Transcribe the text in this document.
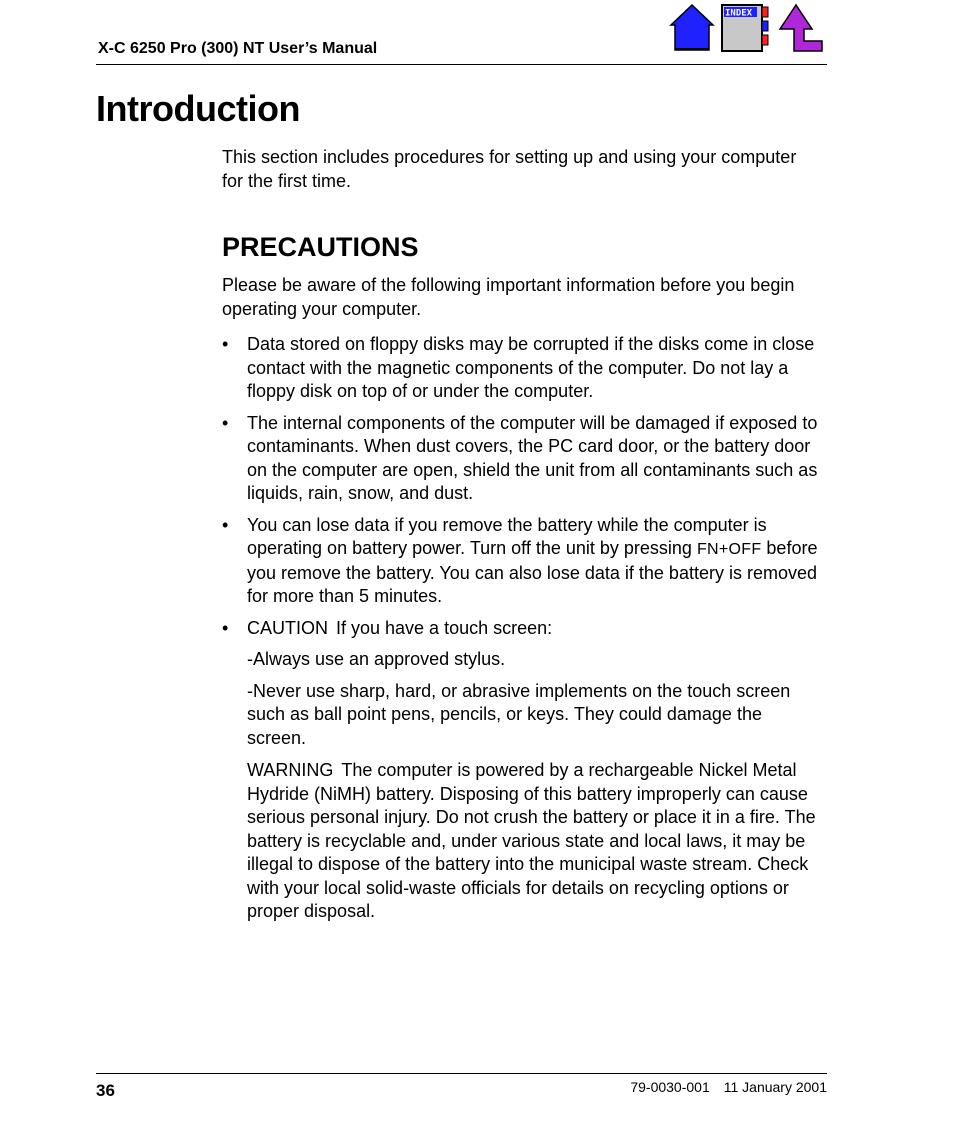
X-C 6250 Pro (300) NT User’s Manual
INDEX
Introduction

This section includes procedures for setting up and using your computer for the first time.

PRECAUTIONS

Please be aware of the following important information before you begin operating your computer.

• Data stored on floppy disks may be corrupted if the disks come in close contact with the magnetic components of the computer. Do not lay a floppy disk on top of or under the computer.
• The internal components of the computer will be damaged if exposed to contaminants. When dust covers, the PC card door, or the battery door on the computer are open, shield the unit from all contaminants such as liquids, rain, snow, and dust.
• You can lose data if you remove the battery while the computer is operating on battery power. Turn off the unit by pressing FN+OFF before you remove the battery. You can also lose data if the battery is removed for more than 5 minutes.
• CAUTION If you have a touch screen:

-Always use an approved stylus.

-Never use sharp, hard, or abrasive implements on the touch screen such as ball point pens, pencils, or keys. They could damage the screen.

WARNING The computer is powered by a rechargeable Nickel Metal Hydride (NiMH) battery. Disposing of this battery improperly can cause serious personal injury. Do not crush the battery or place it in a fire. The battery is recyclable and, under various state and local laws, it may be illegal to dispose of the battery into the municipal waste stream. Check with your local solid-waste officials for details on recycling options or proper disposal.

36	79-0030-001 11 January 2001
